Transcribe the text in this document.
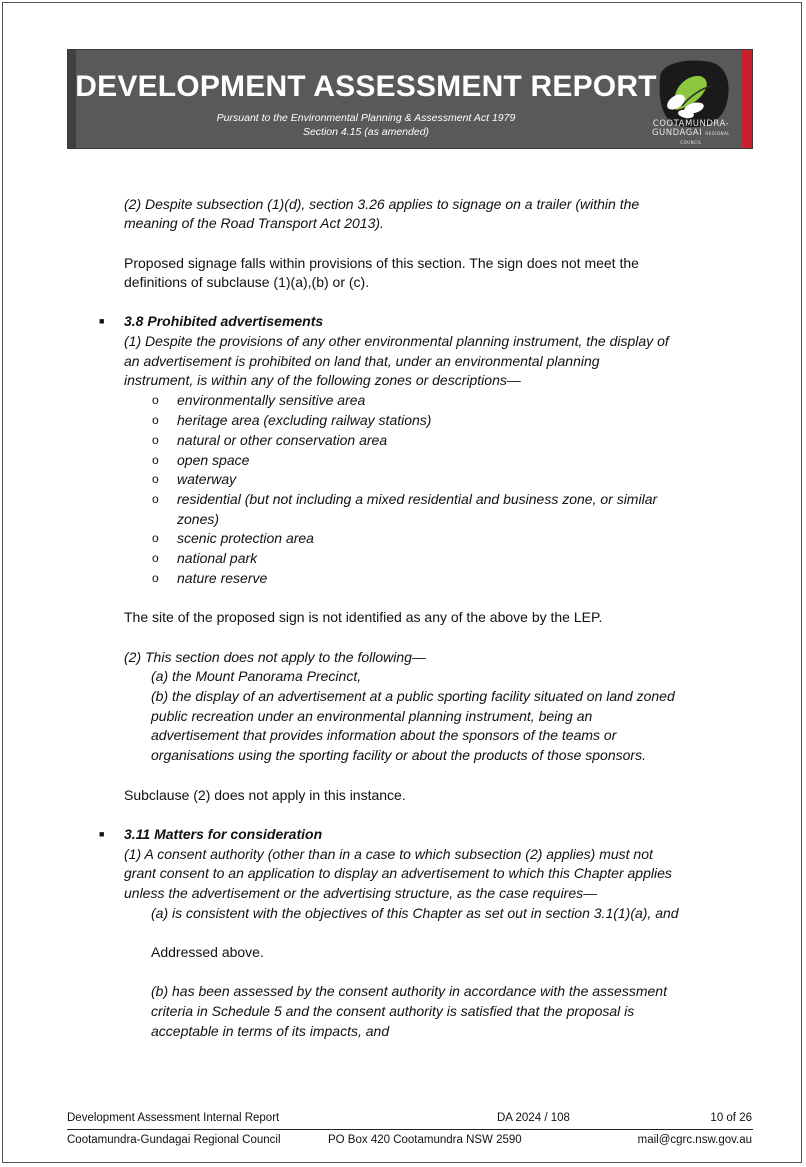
DEVELOPMENT ASSESSMENT REPORT
Pursuant to the Environmental Planning & Assessment Act 1979
Section 4.15 (as amended)
COOTAMUNDRA-
GUNDAGAI REGIONAL COUNCIL
(2) Despite subsection (1)(d), section 3.26 applies to signage on a trailer (within the
meaning of the Road Transport Act 2013).
Proposed signage falls within provisions of this section. The sign does not meet the
definitions of subclause (1)(a),(b) or (c).
■ 3.8 Prohibited advertisements
(1) Despite the provisions of any other environmental planning instrument, the display of
an advertisement is prohibited on land that, under an environmental planning
instrument, is within any of the following zones or descriptions—
o environmentally sensitive area
o heritage area (excluding railway stations)
o natural or other conservation area
o open space
o waterway
o residential (but not including a mixed residential and business zone, or similar
zones)
o scenic protection area
o national park
o nature reserve
The site of the proposed sign is not identified as any of the above by the LEP.
(2) This section does not apply to the following—
(a) the Mount Panorama Precinct,
(b) the display of an advertisement at a public sporting facility situated on land zoned
public recreation under an environmental planning instrument, being an
advertisement that provides information about the sponsors of the teams or
organisations using the sporting facility or about the products of those sponsors.
Subclause (2) does not apply in this instance.
■ 3.11 Matters for consideration
(1) A consent authority (other than in a case to which subsection (2) applies) must not
grant consent to an application to display an advertisement to which this Chapter applies
unless the advertisement or the advertising structure, as the case requires—
(a) is consistent with the objectives of this Chapter as set out in section 3.1(1)(a), and
Addressed above.
(b) has been assessed by the consent authority in accordance with the assessment
criteria in Schedule 5 and the consent authority is satisfied that the proposal is
acceptable in terms of its impacts, and
Development Assessment Internal Report	DA 2024 / 108	10 of 26
Cootamundra-Gundagai Regional Council	PO Box 420 Cootamundra NSW 2590	mail@cgrc.nsw.gov.au
